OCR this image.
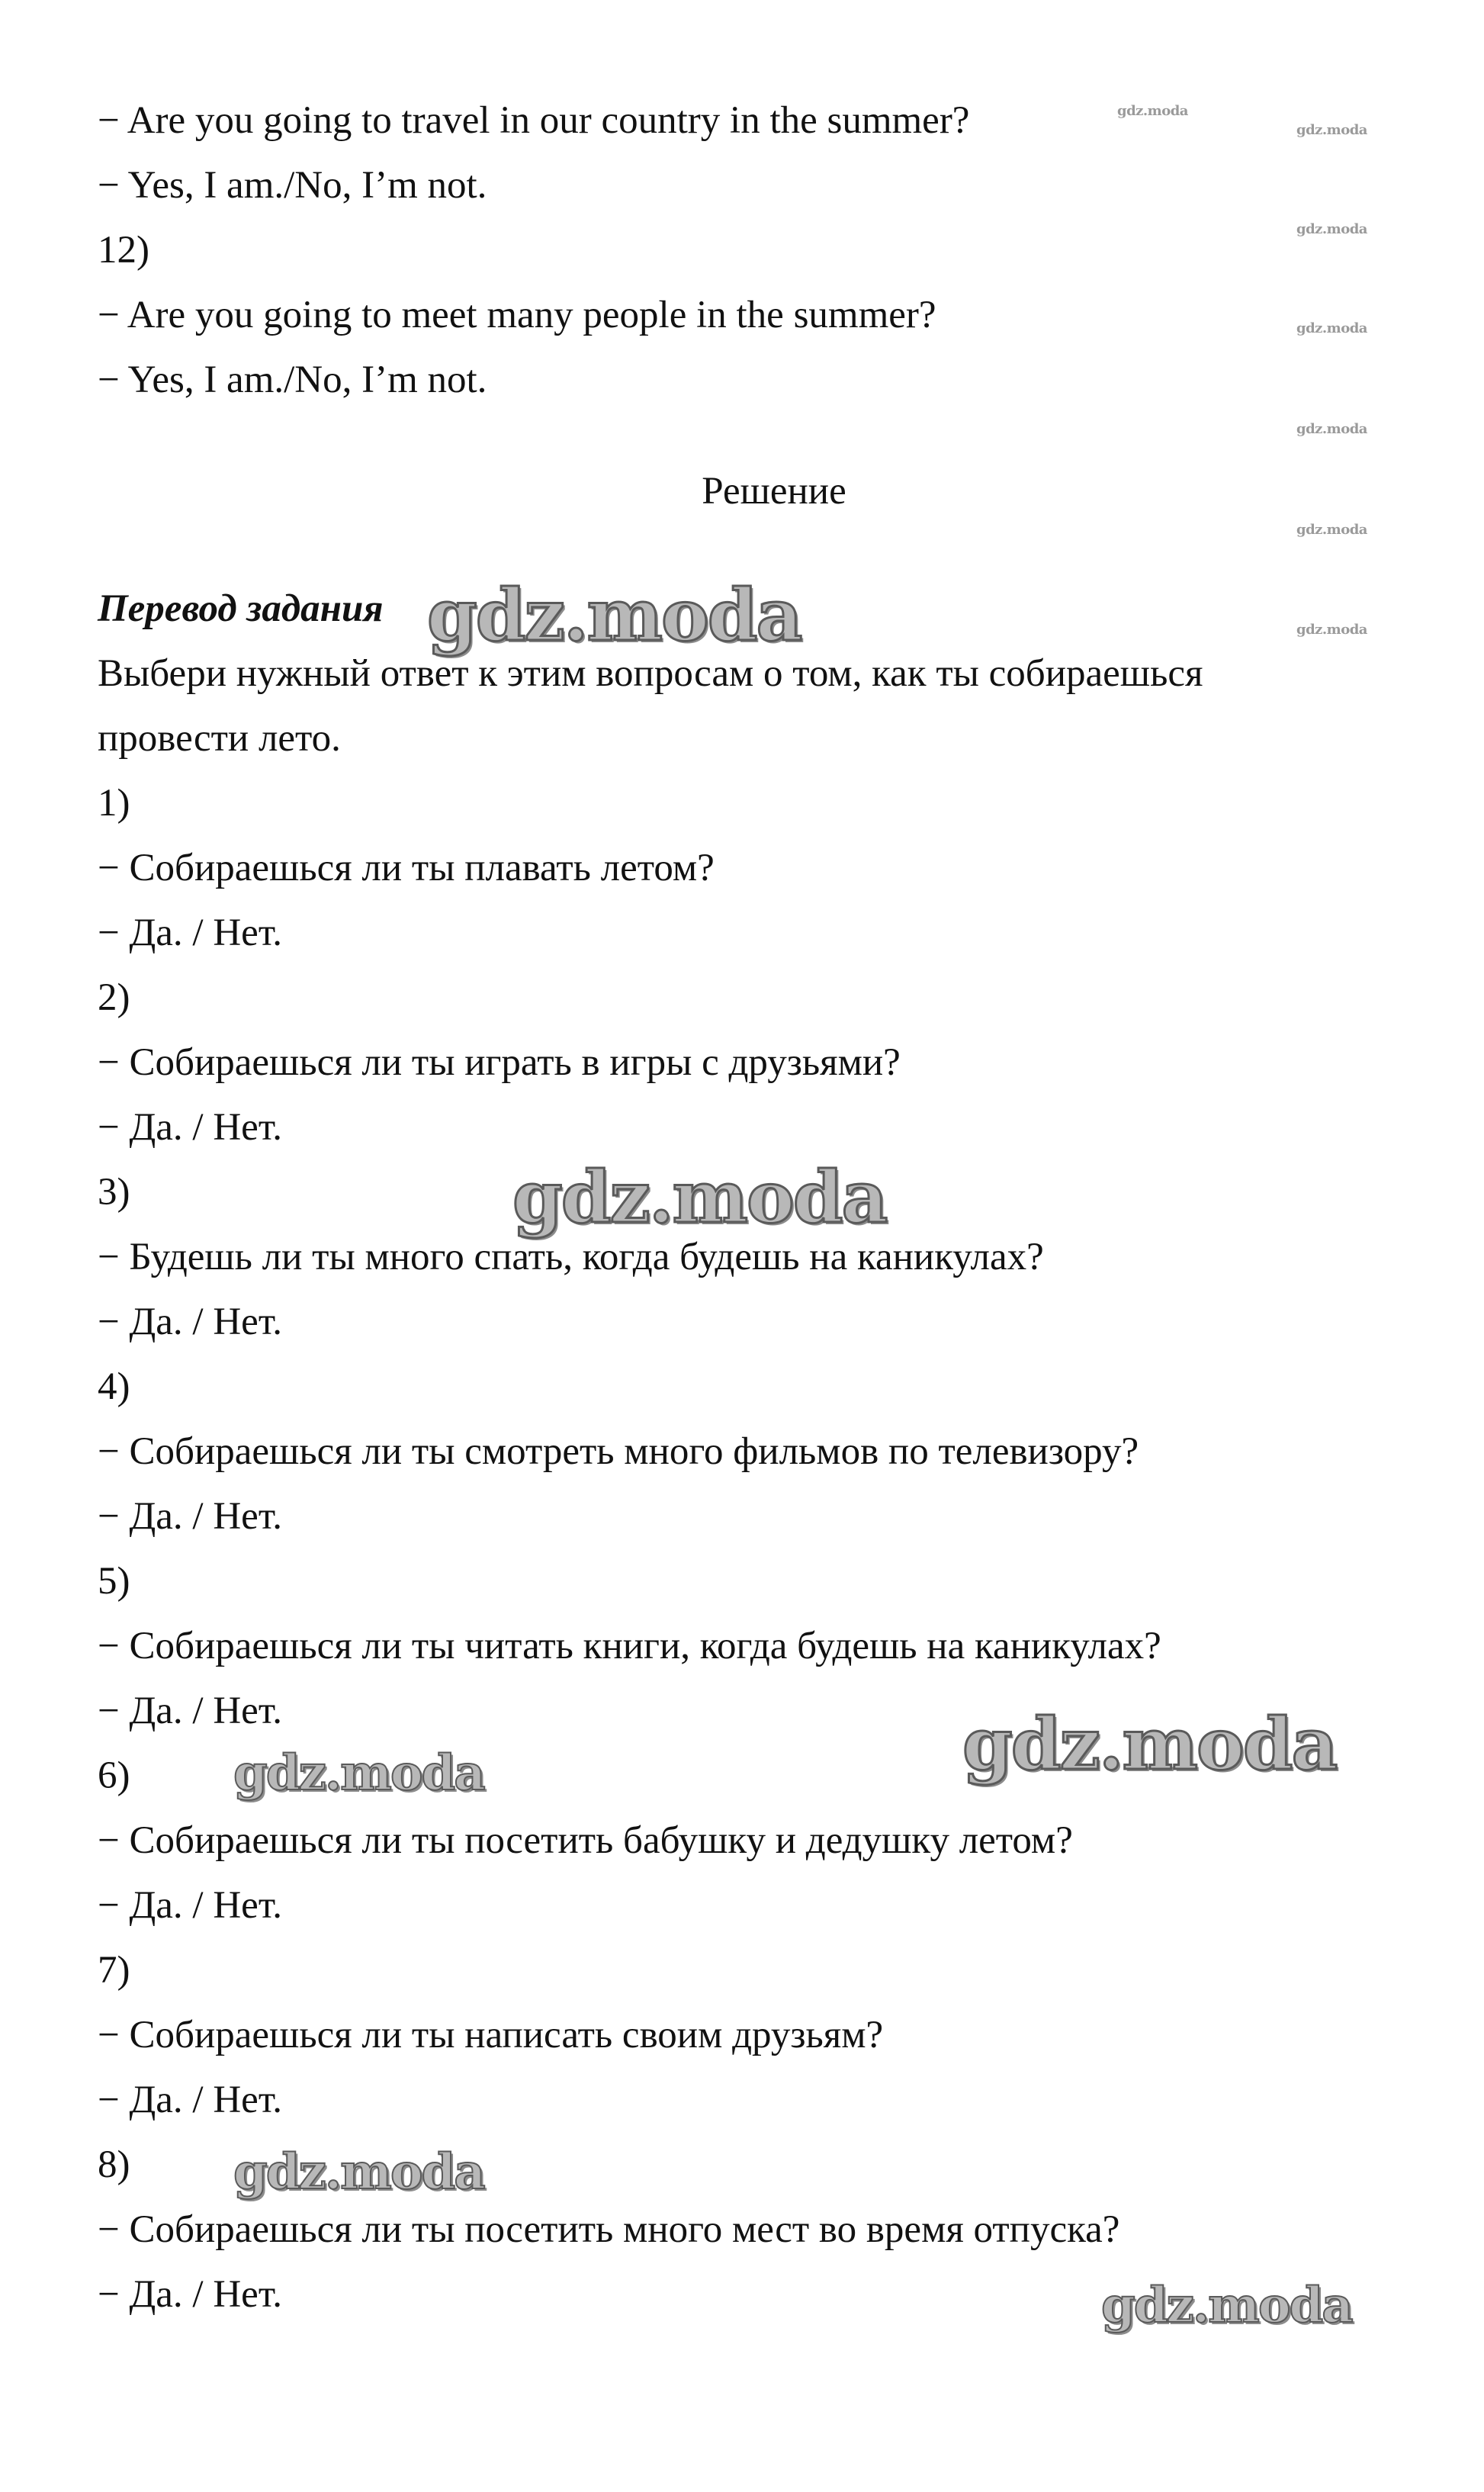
− Are you going to travel in our country in the summer?
− Yes, I am./No, I’m not.
12)
− Are you going to meet many people in the summer?
− Yes, I am./No, I’m not.
Решение
Перевод задания
Выбери нужный ответ к этим вопросам о том, как ты собираешься
провести лето.
1)
− Собираешься ли ты плавать летом?
− Да. / Нет.
2)
− Собираешься ли ты играть в игры с друзьями?
− Да. / Нет.
3)
− Будешь ли ты много спать, когда будешь на каникулах?
− Да. / Нет.
4)
− Собираешься ли ты смотреть много фильмов по телевизору?
− Да. / Нет.
5)
− Собираешься ли ты читать книги, когда будешь на каникулах?
− Да. / Нет.
6)
− Собираешься ли ты посетить бабушку и дедушку летом?
− Да. / Нет.
7)
− Собираешься ли ты написать своим друзьям?
− Да. / Нет.
8)
− Собираешься ли ты посетить много мест во время отпуска?
− Да. / Нет.
gdz.moda
gdz.moda
gdz.moda
gdz.moda
gdz.moda
gdz.moda
gdz.moda
gdz.moda
gdz.moda
gdz.moda
gdz.moda
gdz.moda
gdz.moda
